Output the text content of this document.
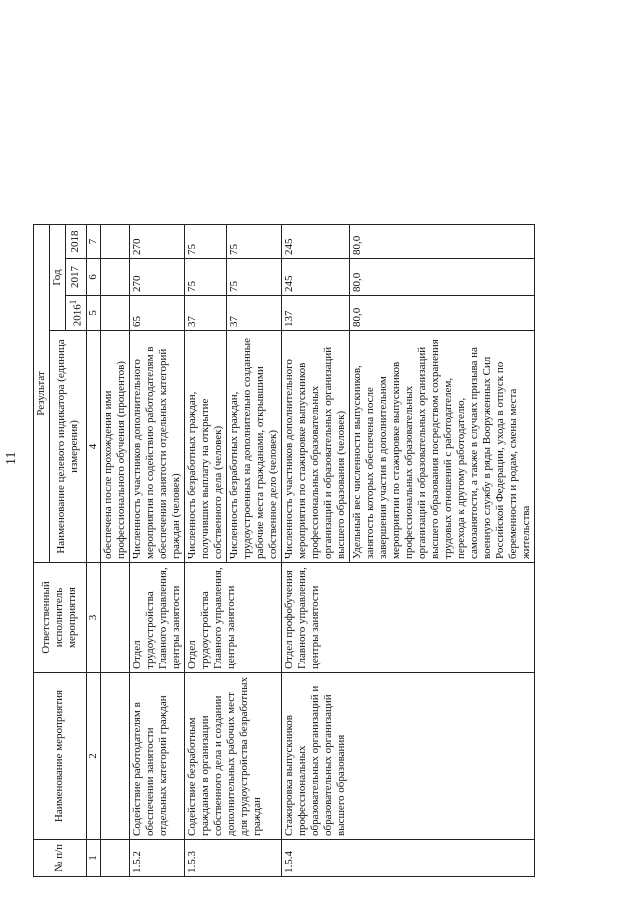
11
№ п/п	Наименование мероприятия	Ответственный исполнитель мероприятия	Результат			
			Наименование целевого индикатора (единица измерения)	Год		
				2016$^1$	2017	2018
1	2	3	4	5	6	7
			обеспечена после прохождения ими профессионального обучения (процентов)			
1.5.2	Содействие работодателям в обеспечении занятости отдельных категорий граждан	Отдел трудоустройства Главного управления, центры занятости	Численность участников дополнительного мероприятия по содействию работодателям в обеспечении занятости отдельных категорий граждан (человек)	65	270	270
1.5.3	Содействие безработным гражданам в организации собственного дела и создании дополнительных рабочих мест для трудоустройства безработных граждан	Отдел трудоустройства Главного управления, центры занятости	Численность безработных граждан, получивших выплату на открытие собственного дела (человек)	37	75	75
			Численность безработных граждан, трудоустроенных на дополнительно созданные рабочие места гражданами, открывшими собственное дело (человек)	37	75	75
1.5.4	Стажировка выпускников профессиональных образовательных организаций и образовательных организаций высшего образования	Отдел профобучения Главного управления, центры занятости	Численность участников дополнительного мероприятия по стажировке выпускников профессиональных образовательных организаций и образовательных организаций высшего образования (человек)	137	245	245
			Удельный вес численности выпускников, занятость которых обеспечена после завершения участия в дополнительном мероприятии по стажировке выпускников профессиональных образовательных организаций и образовательных организаций высшего образования посредством сохранения трудовых отношений с работодателем, перехода к другому работодателю, самозанятости, а также в случаях призыва на военную службу в ряды Вооруженных Сил Российской Федерации, ухода в отпуск по беременности и родам, смены места жительства	80,0	80,0	80,0
